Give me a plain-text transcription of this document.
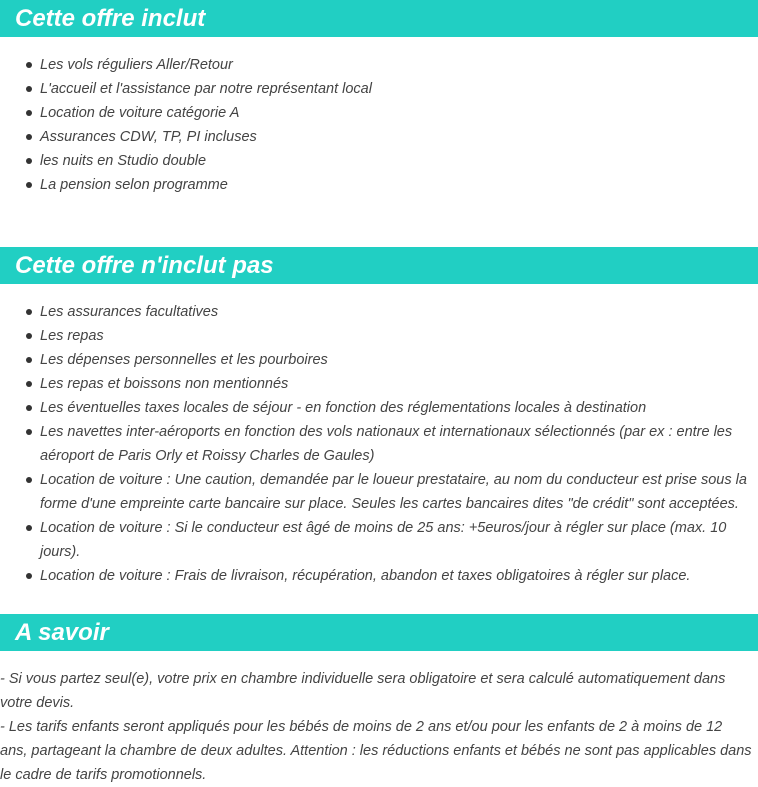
Cette offre inclut
Les vols réguliers Aller/Retour
L'accueil et l'assistance par notre représentant local
Location de voiture catégorie A
Assurances CDW, TP, PI incluses
les nuits en Studio double
La pension selon programme
Cette offre n'inclut pas
Les assurances facultatives
Les repas
Les dépenses personnelles et les pourboires
Les repas et boissons non mentionnés
Les éventuelles taxes locales de séjour - en fonction des réglementations locales à destination
Les navettes inter-aéroports en fonction des vols nationaux et internationaux sélectionnés (par ex : entre les aéroport de Paris Orly et Roissy Charles de Gaules)
Location de voiture : Une caution, demandée par le loueur prestataire, au nom du conducteur est prise sous la forme d'une empreinte carte bancaire sur place. Seules les cartes bancaires dites "de crédit" sont acceptées.
Location de voiture : Si le conducteur est âgé de moins de 25 ans: +5euros/jour à régler sur place (max. 10 jours).
Location de voiture : Frais de livraison, récupération, abandon et taxes obligatoires à régler sur place.
A savoir
- Si vous partez seul(e), votre prix en chambre individuelle sera obligatoire et sera calculé automatiquement dans votre devis.
- Les tarifs enfants seront appliqués pour les bébés de moins de 2 ans et/ou pour les enfants de 2 à moins de 12 ans, partageant la chambre de deux adultes. Attention : les réductions enfants et bébés ne sont pas applicables dans le cadre de tarifs promotionnels.
